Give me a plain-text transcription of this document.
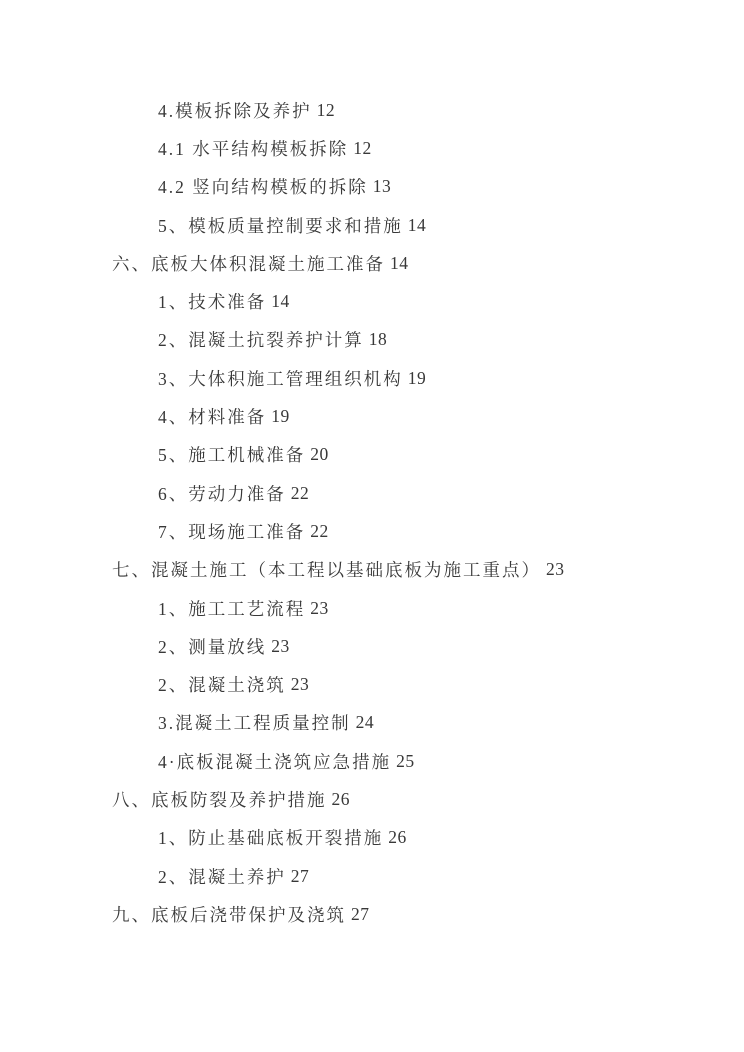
4.模板拆除及养护 12
4.1 水平结构模板拆除 12
4.2 竖向结构模板的拆除 13
5、模板质量控制要求和措施 14
六、底板大体积混凝土施工准备 14
1、技术准备 14
2、混凝土抗裂养护计算 18
3、大体积施工管理组织机构 19
4、材料准备 19
5、施工机械准备 20
6、劳动力准备 22
7、现场施工准备 22
七、混凝土施工（本工程以基础底板为施工重点） 23
1、施工工艺流程 23
2、测量放线 23
2、混凝土浇筑 23
3.混凝土工程质量控制 24
4·底板混凝土浇筑应急措施 25
八、底板防裂及养护措施 26
1、防止基础底板开裂措施 26
2、混凝土养护 27
九、底板后浇带保护及浇筑 27
